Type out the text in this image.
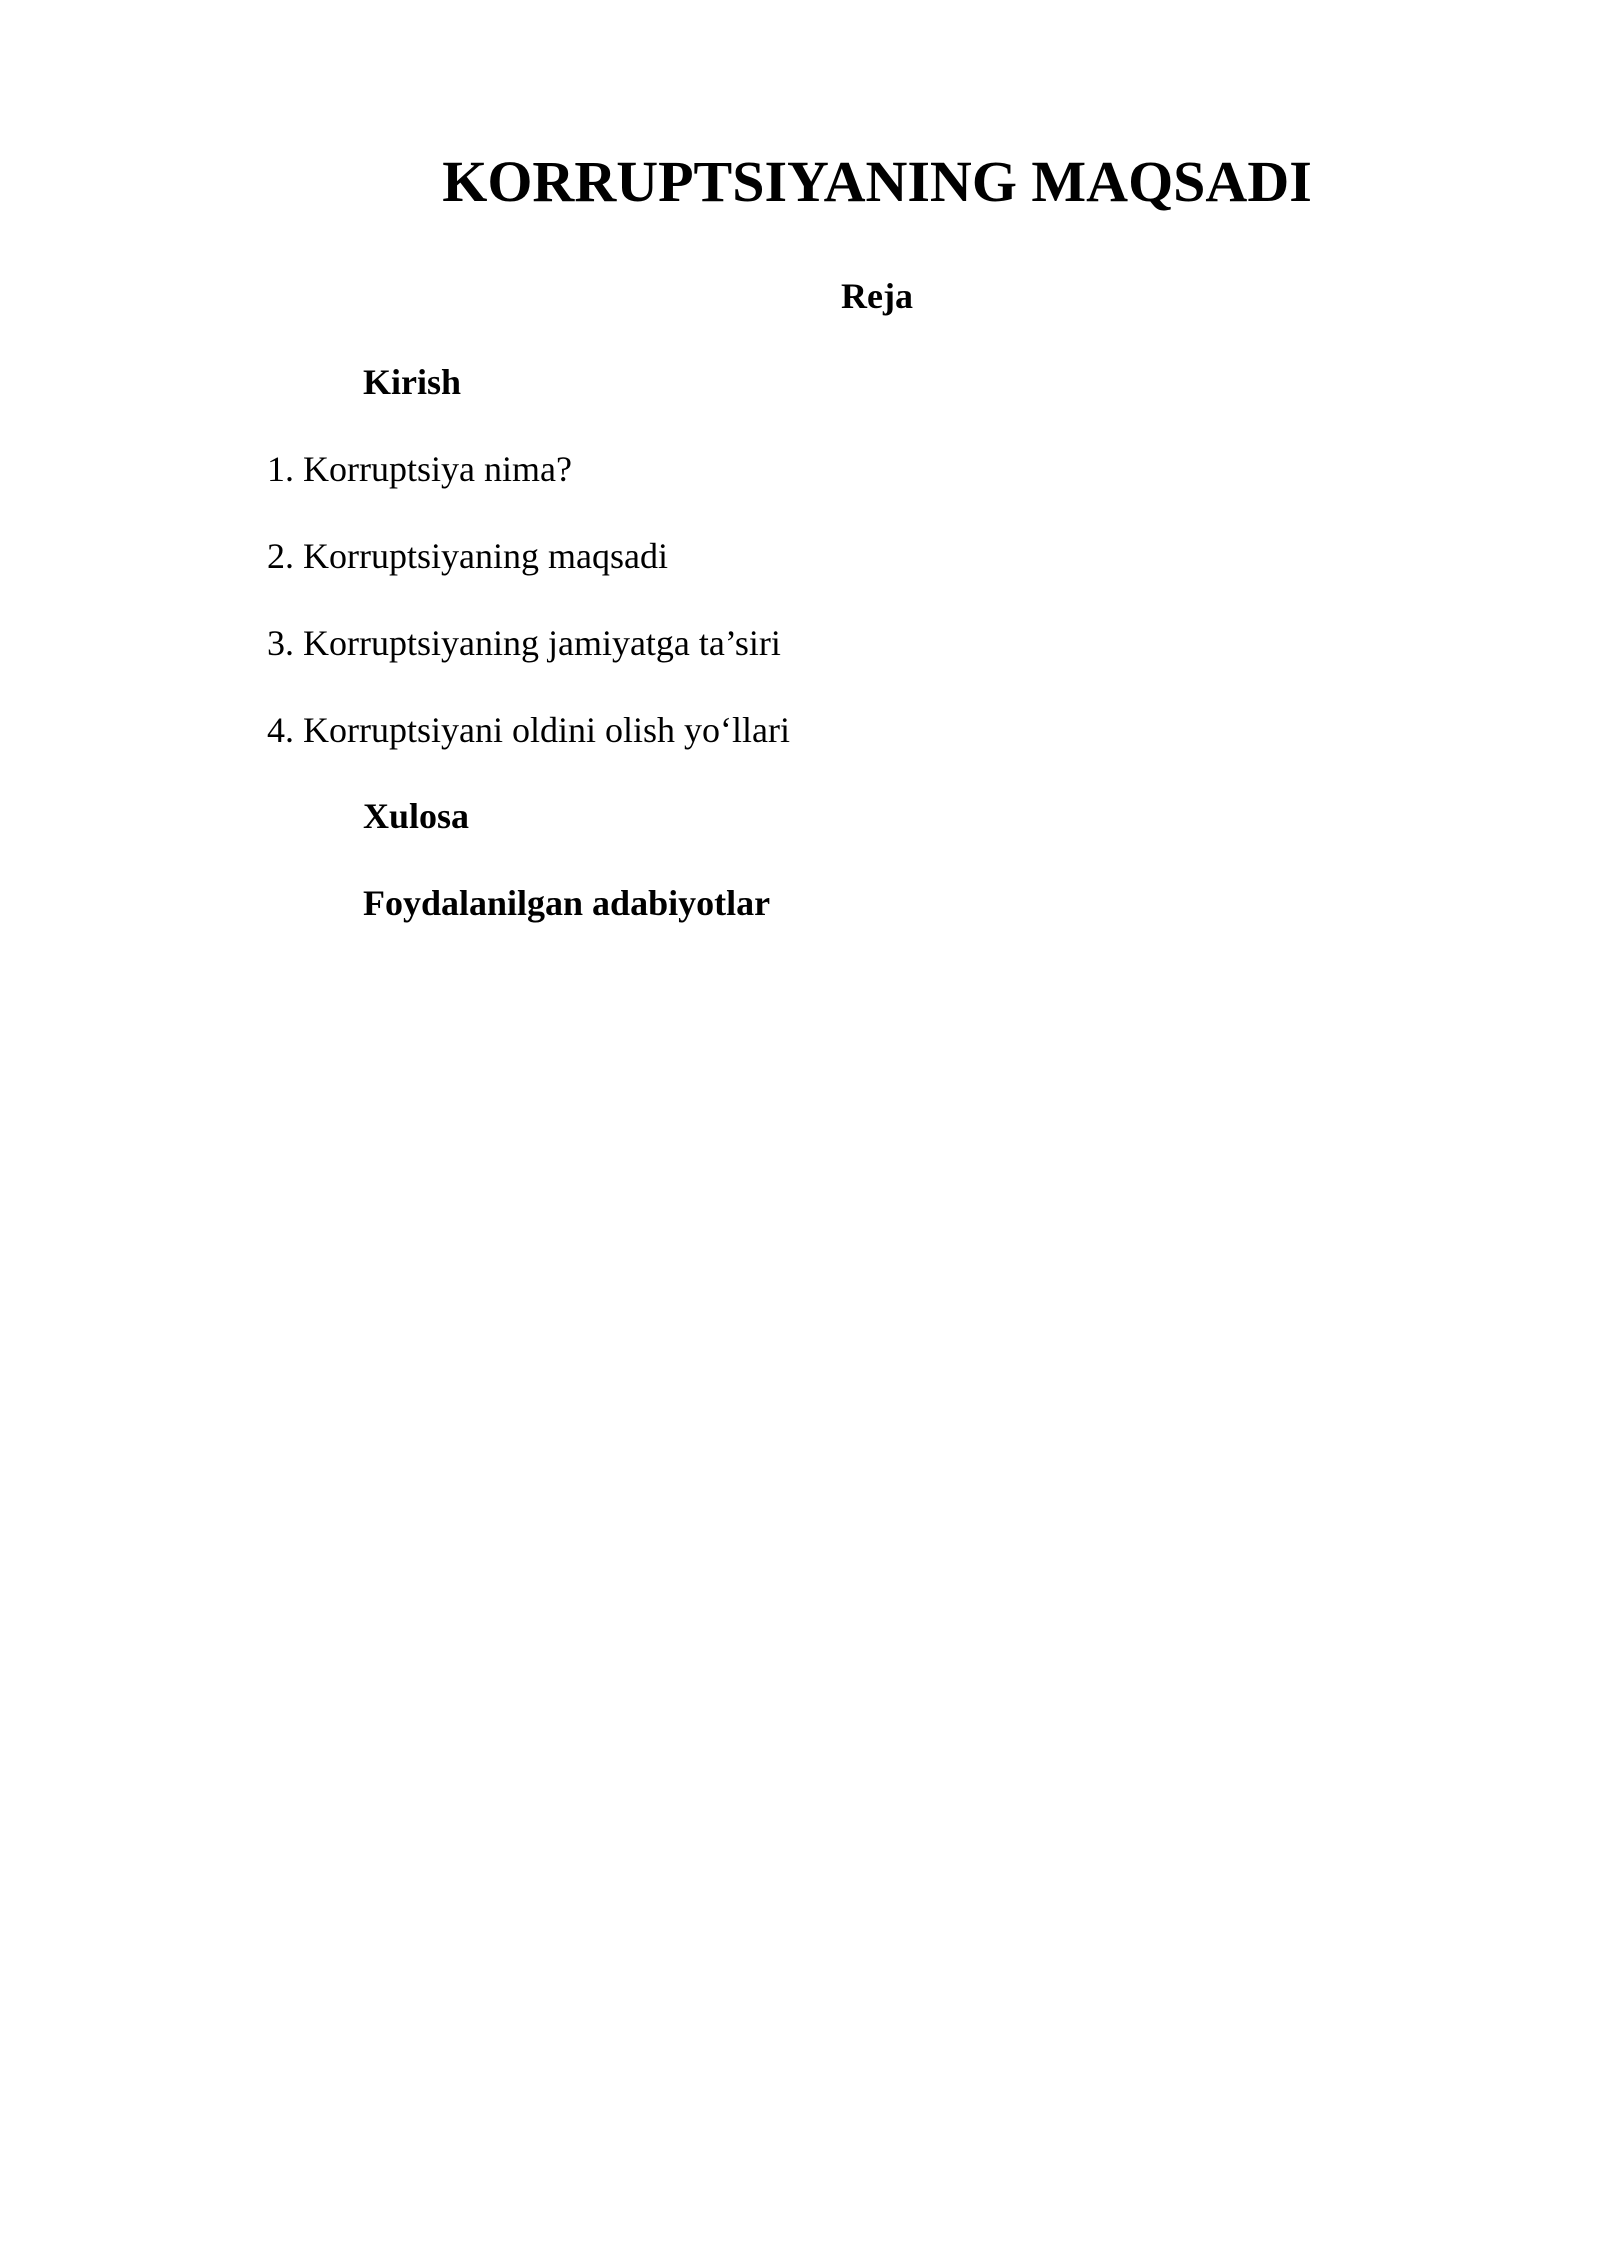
KORRUPTSIYANING MAQSADI
Reja

Kirish

1. Korruptsiya nima?

2. Korruptsiyaning maqsadi

3. Korruptsiyaning jamiyatga ta’siri

4. Korruptsiyani oldini olish yo‘llari

Xulosa

Foydalanilgan adabiyotlar
